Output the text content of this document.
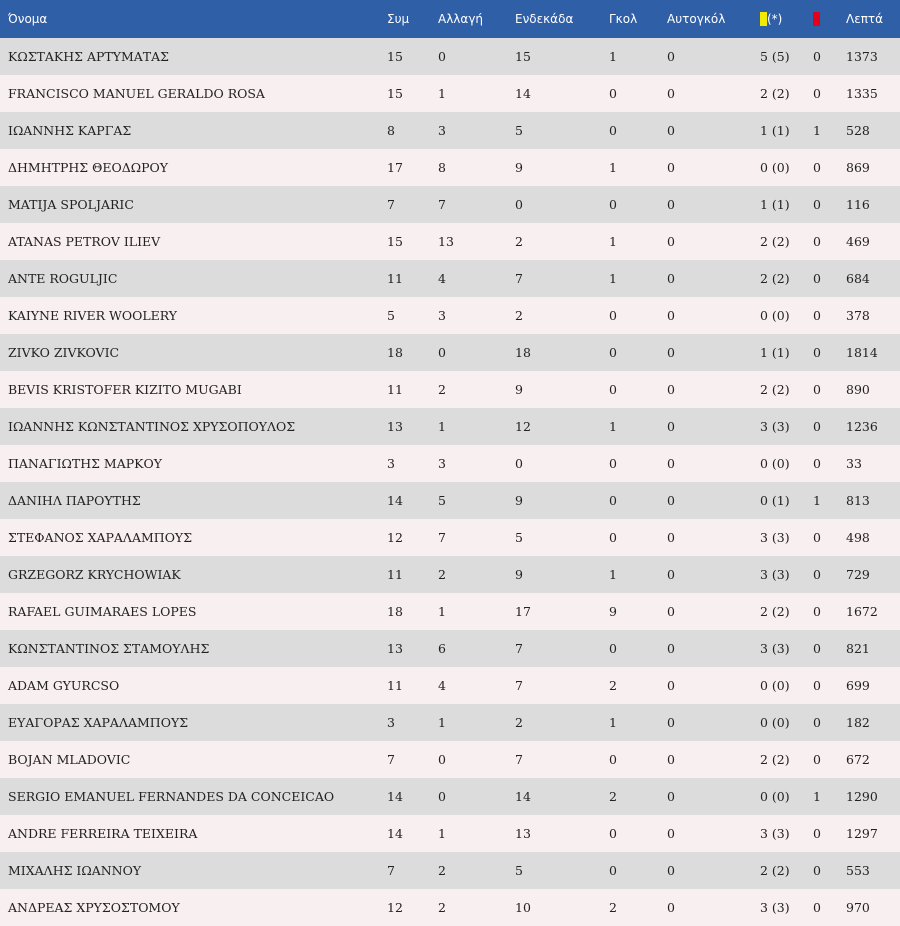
Όνομα	Συμ	Αλλαγή	Ενδεκάδα	Γκολ	Αυτογκόλ	(*)		Λεπτά
ΚΩΣΤΑΚΗΣ ΑΡΤΥΜΑΤΑΣ	15	0	15	1	0	5 (5)	0	1373
FRANCISCO MANUEL GERALDO ROSA	15	1	14	0	0	2 (2)	0	1335
ΙΩΑΝΝΗΣ ΚΑΡΓΑΣ	8	3	5	0	0	1 (1)	1	528
ΔΗΜΗΤΡΗΣ ΘΕΟΔΩΡΟΥ	17	8	9	1	0	0 (0)	0	869
MATIJA SPOLJARIC	7	7	0	0	0	1 (1)	0	116
ATANAS PETROV ILIEV	15	13	2	1	0	2 (2)	0	469
ANTE ROGULJIC	11	4	7	1	0	2 (2)	0	684
KAIYNE RIVER WOOLERY	5	3	2	0	0	0 (0)	0	378
ZIVKO ZIVKOVIC	18	0	18	0	0	1 (1)	0	1814
BEVIS KRISTOFER KIZITO MUGABI	11	2	9	0	0	2 (2)	0	890
ΙΩΑΝΝΗΣ ΚΩΝΣΤΑΝΤΙΝΟΣ ΧΡΥΣΟΠΟΥΛΟΣ	13	1	12	1	0	3 (3)	0	1236
ΠΑΝΑΓΙΩΤΗΣ ΜΑΡΚΟΥ	3	3	0	0	0	0 (0)	0	33
ΔΑΝΙΗΛ ΠΑΡΟΥΤΗΣ	14	5	9	0	0	0 (1)	1	813
ΣΤΕΦΑΝΟΣ ΧΑΡΑΛΑΜΠΟΥΣ	12	7	5	0	0	3 (3)	0	498
GRZEGORZ KRYCHOWIAK	11	2	9	1	0	3 (3)	0	729
RAFAEL GUIMARAES LOPES	18	1	17	9	0	2 (2)	0	1672
ΚΩΝΣΤΑΝΤΙΝΟΣ ΣΤΑΜΟΥΛΗΣ	13	6	7	0	0	3 (3)	0	821
ADAM GYURCSO	11	4	7	2	0	0 (0)	0	699
ΕΥΑΓΟΡΑΣ ΧΑΡΑΛΑΜΠΟΥΣ	3	1	2	1	0	0 (0)	0	182
BOJAN MLADOVIC	7	0	7	0	0	2 (2)	0	672
SERGIO EMANUEL FERNANDES DA CONCEICAO	14	0	14	2	0	0 (0)	1	1290
ANDRE FERREIRA TEIXEIRA	14	1	13	0	0	3 (3)	0	1297
ΜΙΧΑΛΗΣ ΙΩΑΝΝΟΥ	7	2	5	0	0	2 (2)	0	553
ΑΝΔΡΕΑΣ ΧΡΥΣΟΣΤΟΜΟΥ	12	2	10	2	0	3 (3)	0	970
